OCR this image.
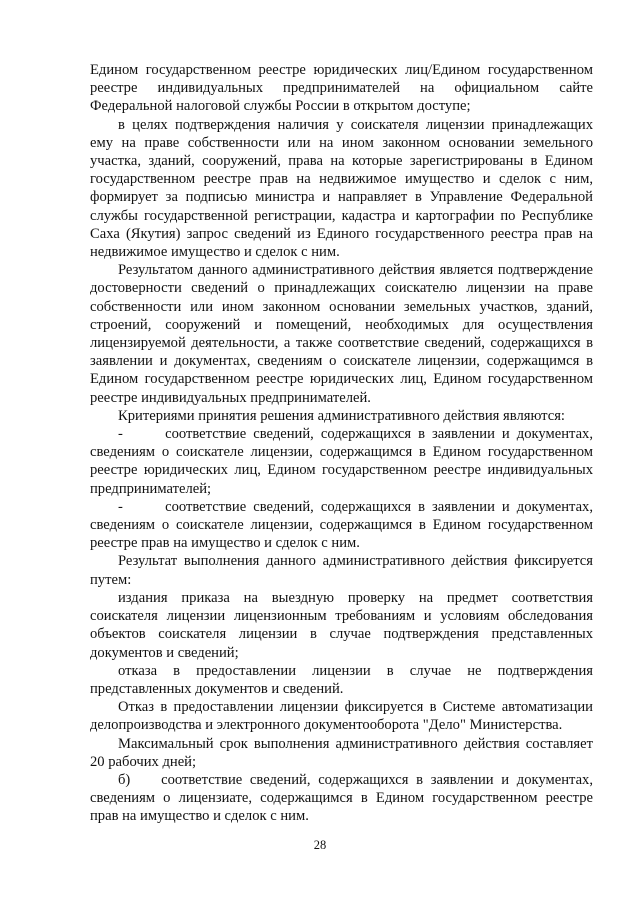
Едином государственном реестре юридических лиц/Едином государственном реестре индивидуальных предпринимателей на официальном сайте Федеральной налоговой службы России в открытом доступе;

в целях подтверждения наличия у соискателя лицензии принадлежащих ему на праве собственности или на ином законном основании земельного участка, зданий, сооружений, права на которые зарегистрированы в Едином государственном реестре прав на недвижимое имущество и сделок с ним, формирует за подписью министра и направляет в Управление Федеральной службы государственной регистрации, кадастра и картографии по Республике Саха (Якутия) запрос сведений из Единого государственного реестра прав на недвижимое имущество и сделок с ним.

Результатом данного административного действия является подтверждение достоверности сведений о принадлежащих соискателю лицензии на праве собственности или ином законном основании земельных участков, зданий, строений, сооружений и помещений, необходимых для осуществления лицензируемой деятельности, а также соответствие сведений, содержащихся в заявлении и документах, сведениям о соискателе лицензии, содержащимся в Едином государственном реестре юридических лиц, Едином государственном реестре индивидуальных предпринимателей.

Критериями принятия решения административного действия являются:

-      соответствие сведений, содержащихся в заявлении и документах, сведениям о соискателе лицензии, содержащимся в Едином государственном реестре юридических лиц, Едином государственном реестре индивидуальных предпринимателей;

-      соответствие сведений, содержащихся в заявлении и документах, сведениям о соискателе лицензии, содержащимся в Едином государственном реестре прав на имущество и сделок с ним.

Результат выполнения данного административного действия фиксируется путем:

издания приказа на выездную проверку на предмет соответствия соискателя лицензии лицензионным требованиям и условиям обследования объектов соискателя лицензии в случае подтверждения представленных документов и сведений;

отказа в предоставлении лицензии в случае не подтверждения представленных документов и сведений.

Отказ в предоставлении лицензии фиксируется в Системе автоматизации делопроизводства и электронного документооборота "Дело" Министерства.

Максимальный срок выполнения административного действия составляет 20 рабочих дней;

б)    соответствие сведений, содержащихся в заявлении и документах, сведениям о лицензиате, содержащимся в Едином государственном реестре прав на имущество и сделок с ним.

28
